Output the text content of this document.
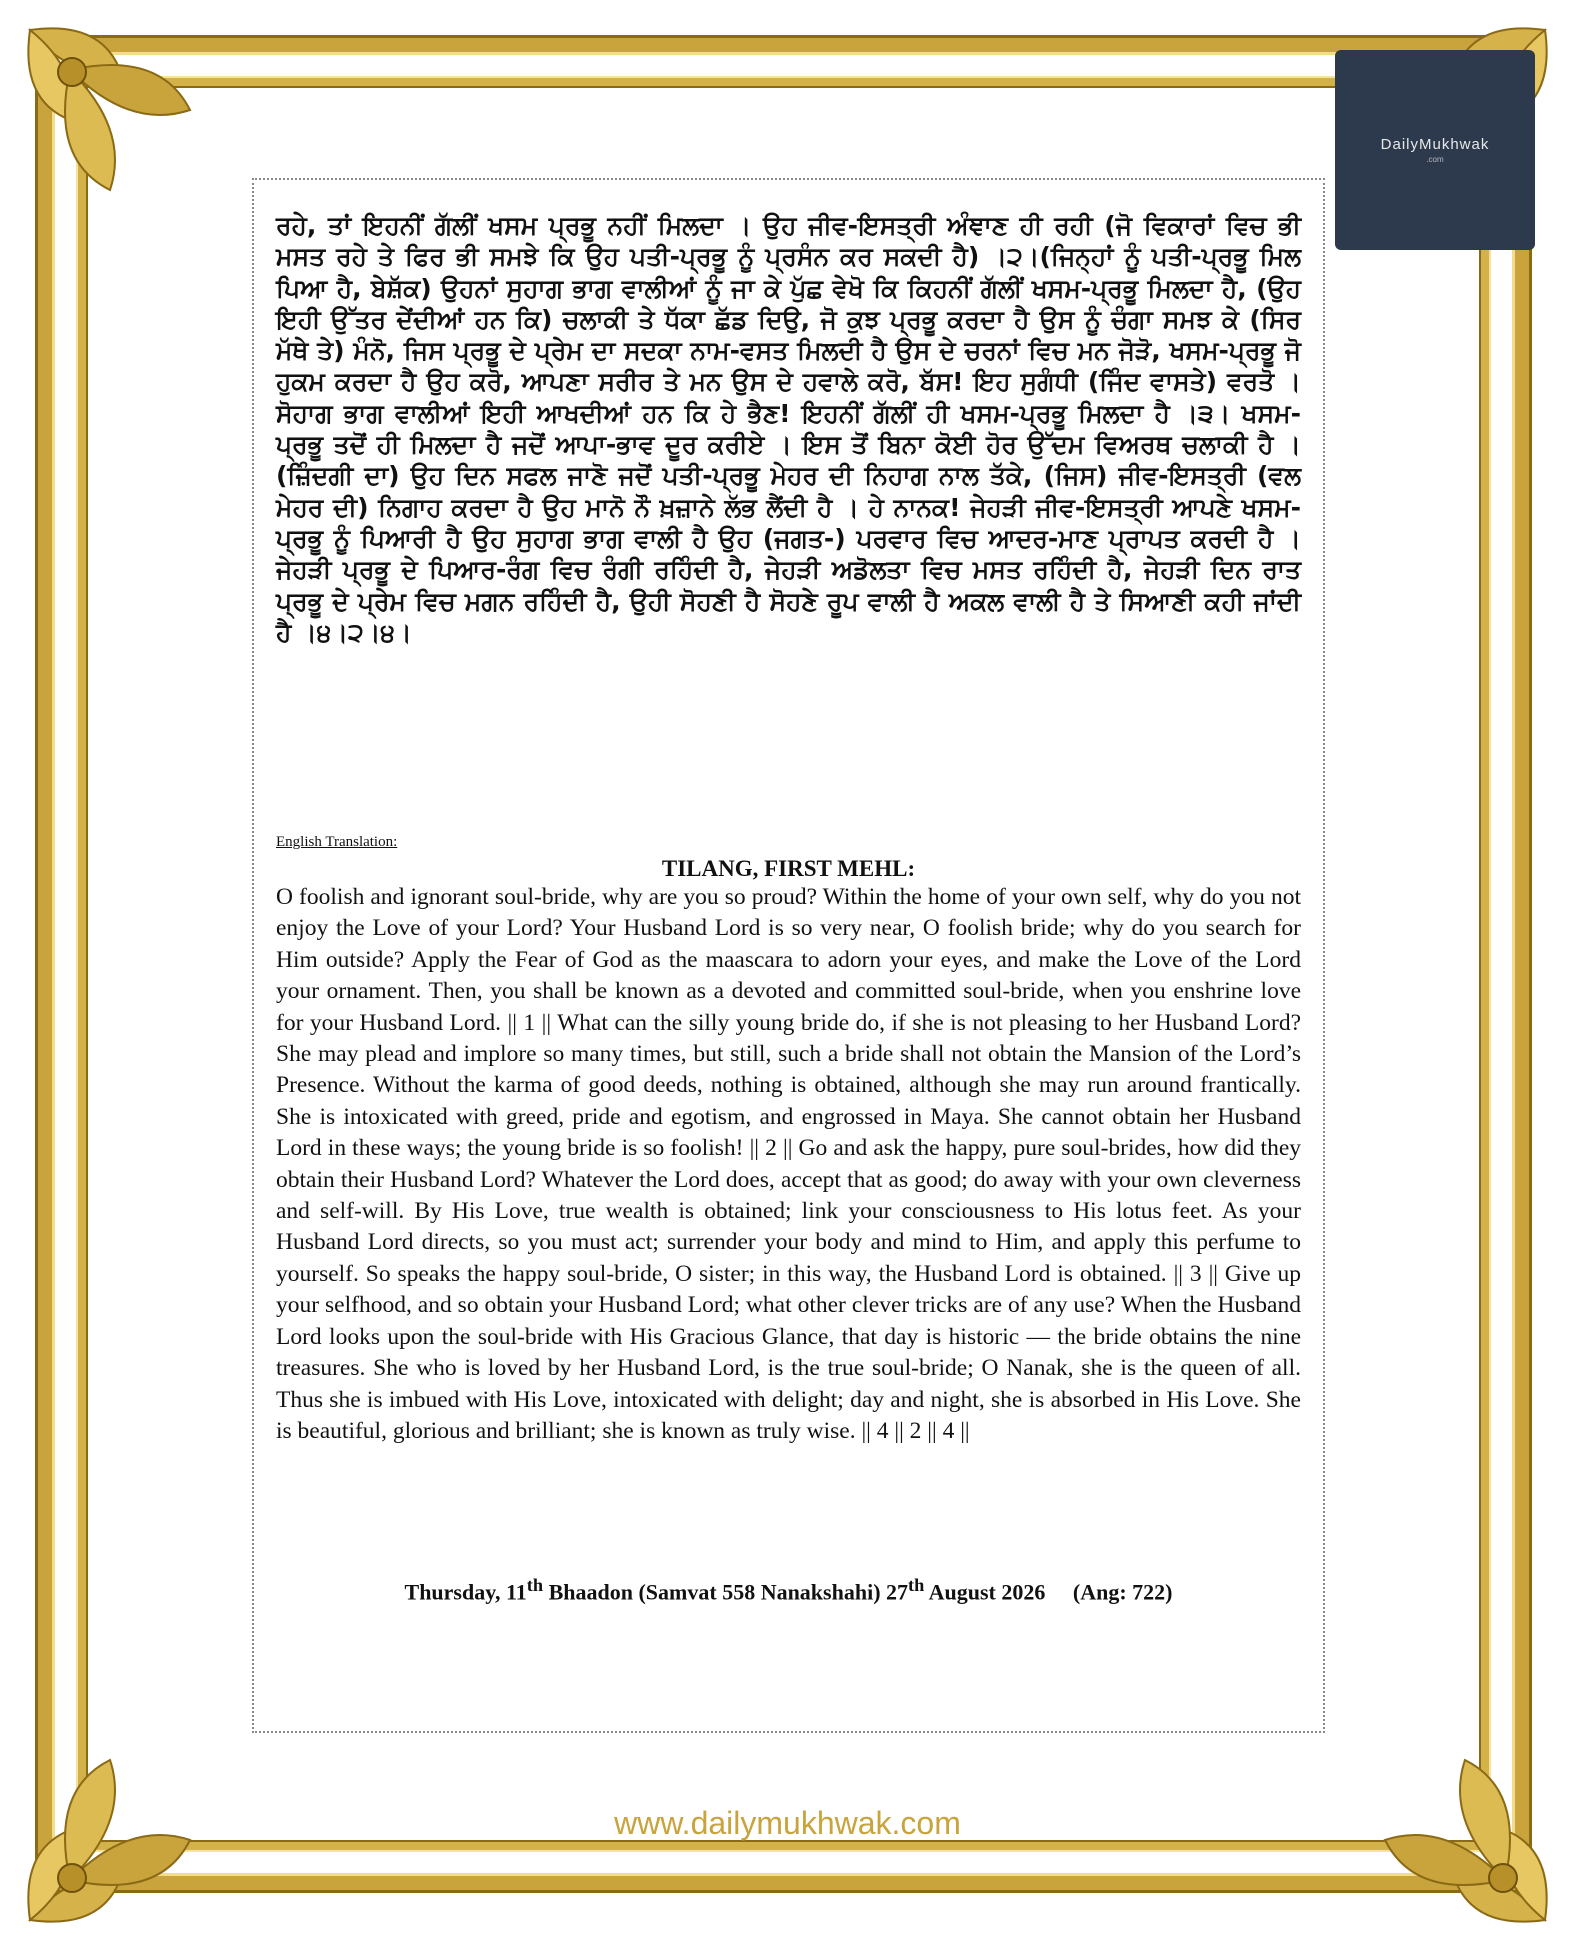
DailyMukhwak
.com
ਰਹੇ, ਤਾਂ ਇਹਨੀਂ ਗੱਲੀਂ ਖਸਮ ਪ੍ਰਭੂ ਨਹੀਂ ਮਿਲਦਾ । ਉਹ ਜੀਵ-ਇਸਤ੍ਰੀ ਅੰਞਾਣ ਹੀ ਰਹੀ (ਜੋ ਵਿਕਾਰਾਂ ਵਿਚ ਭੀ ਮਸਤ ਰਹੇ ਤੇ ਫਿਰ ਭੀ ਸਮਝੇ ਕਿ ਉਹ ਪਤੀ-ਪ੍ਰਭੂ ਨੂੰ ਪ੍ਰਸੰਨ ਕਰ ਸਕਦੀ ਹੈ) ।੨।(ਜਿਨ੍ਹਾਂ ਨੂੰ ਪਤੀ-ਪ੍ਰਭੂ ਮਿਲ ਪਿਆ ਹੈ, ਬੇਸ਼ੱਕ) ਉਹਨਾਂ ਸੁਹਾਗ ਭਾਗ ਵਾਲੀਆਂ ਨੂੰ ਜਾ ਕੇ ਪੁੱਛ ਵੇਖੋ ਕਿ ਕਿਹਨੀਂ ਗੱਲੀਂ ਖਸਮ-ਪ੍ਰਭੂ ਮਿਲਦਾ ਹੈ, (ਉਹ ਇਹੀ ਉੱਤਰ ਦੇਂਦੀਆਂ ਹਨ ਕਿ) ਚਲਾਕੀ ਤੇ ਧੱਕਾ ਛੱਡ ਦਿਉ, ਜੋ ਕੁਝ ਪ੍ਰਭੂ ਕਰਦਾ ਹੈ ਉਸ ਨੂੰ ਚੰਗਾ ਸਮਝ ਕੇ (ਸਿਰ ਮੱਥੇ ਤੇ) ਮੰਨੋ, ਜਿਸ ਪ੍ਰਭੂ ਦੇ ਪ੍ਰੇਮ ਦਾ ਸਦਕਾ ਨਾਮ-ਵਸਤ ਮਿਲਦੀ ਹੈ ਉਸ ਦੇ ਚਰਨਾਂ ਵਿਚ ਮਨ ਜੋੜੋ, ਖਸਮ-ਪ੍ਰਭੂ ਜੋ ਹੁਕਮ ਕਰਦਾ ਹੈ ਉਹ ਕਰੋ, ਆਪਣਾ ਸਰੀਰ ਤੇ ਮਨ ਉਸ ਦੇ ਹਵਾਲੇ ਕਰੋ, ਬੱਸ! ਇਹ ਸੁਗੰਧੀ (ਜਿੰਦ ਵਾਸਤੇ) ਵਰਤੋ । ਸੋਹਾਗ ਭਾਗ ਵਾਲੀਆਂ ਇਹੀ ਆਖਦੀਆਂ ਹਨ ਕਿ ਹੇ ਭੈਣ! ਇਹਨੀਂ ਗੱਲੀਂ ਹੀ ਖਸਮ-ਪ੍ਰਭੂ ਮਿਲਦਾ ਹੈ ।੩। ਖਸਮ-ਪ੍ਰਭੂ ਤਦੋਂ ਹੀ ਮਿਲਦਾ ਹੈ ਜਦੋਂ ਆਪਾ-ਭਾਵ ਦੂਰ ਕਰੀਏ । ਇਸ ਤੋਂ ਬਿਨਾ ਕੋਈ ਹੋਰ ਉੱਦਮ ਵਿਅਰਥ ਚਲਾਕੀ ਹੈ । (ਜ਼ਿੰਦਗੀ ਦਾ) ਉਹ ਦਿਨ ਸਫਲ ਜਾਣੋ ਜਦੋਂ ਪਤੀ-ਪ੍ਰਭੂ ਮੇਹਰ ਦੀ ਨਿਹਾਗ ਨਾਲ ਤੱਕੇ, (ਜਿਸ) ਜੀਵ-ਇਸਤ੍ਰੀ (ਵਲ ਮੇਹਰ ਦੀ) ਨਿਗਾਹ ਕਰਦਾ ਹੈ ਉਹ ਮਾਨੋ ਨੌ ਖ਼ਜ਼ਾਨੇ ਲੱਭ ਲੈਂਦੀ ਹੈ । ਹੇ ਨਾਨਕ! ਜੇਹੜੀ ਜੀਵ-ਇਸਤ੍ਰੀ ਆਪਣੇ ਖਸਮ-ਪ੍ਰਭੂ ਨੂੰ ਪਿਆਰੀ ਹੈ ਉਹ ਸੁਹਾਗ ਭਾਗ ਵਾਲੀ ਹੈ ਉਹ (ਜਗਤ-) ਪਰਵਾਰ ਵਿਚ ਆਦਰ-ਮਾਣ ਪ੍ਰਾਪਤ ਕਰਦੀ ਹੈ । ਜੇਹੜੀ ਪ੍ਰਭੂ ਦੇ ਪਿਆਰ-ਰੰਗ ਵਿਚ ਰੰਗੀ ਰਹਿੰਦੀ ਹੈ, ਜੇਹੜੀ ਅਡੋਲਤਾ ਵਿਚ ਮਸਤ ਰਹਿੰਦੀ ਹੈ, ਜੇਹੜੀ ਦਿਨ ਰਾਤ ਪ੍ਰਭੂ ਦੇ ਪ੍ਰੇਮ ਵਿਚ ਮਗਨ ਰਹਿੰਦੀ ਹੈ, ਉਹੀ ਸੋਹਣੀ ਹੈ ਸੋਹਣੇ ਰੂਪ ਵਾਲੀ ਹੈ ਅਕਲ ਵਾਲੀ ਹੈ ਤੇ ਸਿਆਣੀ ਕਹੀ ਜਾਂਦੀ ਹੈ ।੪।੨।੪।
English Translation:
TILANG, FIRST MEHL:
O foolish and ignorant soul-bride, why are you so proud? Within the home of your own self, why do you not enjoy the Love of your Lord? Your Husband Lord is so very near, O foolish bride; why do you search for Him outside? Apply the Fear of God as the maascara to adorn your eyes, and make the Love of the Lord your ornament. Then, you shall be known as a devoted and committed soul-bride, when you enshrine love for your Husband Lord. || 1 || What can the silly young bride do, if she is not pleasing to her Husband Lord? She may plead and implore so many times, but still, such a bride shall not obtain the Mansion of the Lord’s Presence. Without the karma of good deeds, nothing is obtained, although she may run around frantically. She is intoxicated with greed, pride and egotism, and engrossed in Maya. She cannot obtain her Husband Lord in these ways; the young bride is so foolish! || 2 || Go and ask the happy, pure soul-brides, how did they obtain their Husband Lord? Whatever the Lord does, accept that as good; do away with your own cleverness and self-will. By His Love, true wealth is obtained; link your consciousness to His lotus feet. As your Husband Lord directs, so you must act; surrender your body and mind to Him, and apply this perfume to yourself. So speaks the happy soul-bride, O sister; in this way, the Husband Lord is obtained. || 3 || Give up your selfhood, and so obtain your Husband Lord; what other clever tricks are of any use? When the Husband Lord looks upon the soul-bride with His Gracious Glance, that day is historic — the bride obtains the nine treasures. She who is loved by her Husband Lord, is the true soul-bride; O Nanak, she is the queen of all. Thus she is imbued with His Love, intoxicated with delight; day and night, she is absorbed in His Love. She is beautiful, glorious and brilliant; she is known as truly wise. || 4 || 2 || 4 ||
Thursday, 11th Bhaadon (Samvat 558 Nanakshahi) 27th August 2026     (Ang: 722)
www.dailymukhwak.com
